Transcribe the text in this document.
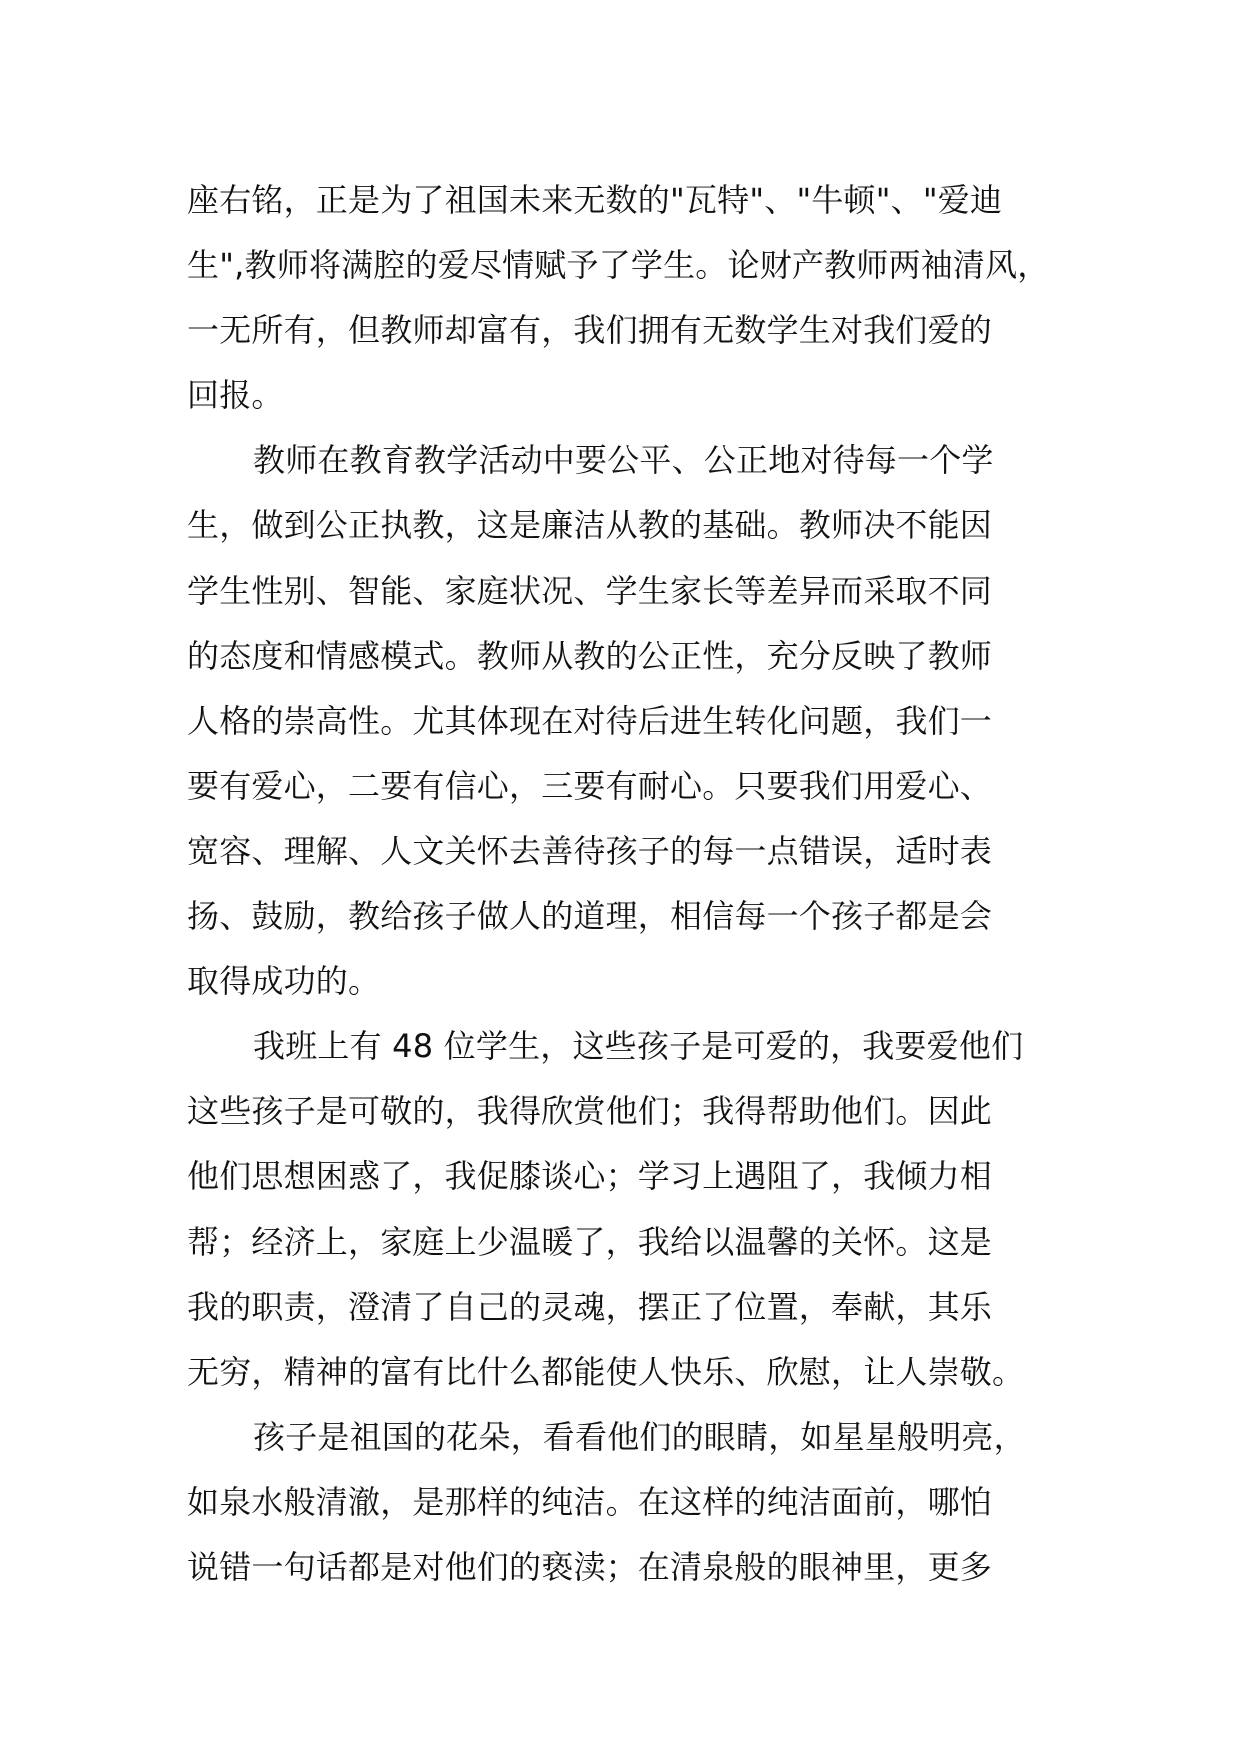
座右铭，正是为了祖国未来无数的"瓦特"、"牛顿"、"爱迪
生",教师将满腔的爱尽情赋予了学生。论财产教师两袖清风，
一无所有，但教师却富有，我们拥有无数学生对我们爱的
回报。
教师在教育教学活动中要公平、公正地对待每一个学
生，做到公正执教，这是廉洁从教的基础。教师决不能因
学生性别、智能、家庭状况、学生家长等差异而采取不同
的态度和情感模式。教师从教的公正性，充分反映了教师
人格的崇高性。尤其体现在对待后进生转化问题，我们一
要有爱心，二要有信心，三要有耐心。只要我们用爱心、
宽容、理解、人文关怀去善待孩子的每一点错误，适时表
扬、鼓励，教给孩子做人的道理，相信每一个孩子都是会
取得成功的。
我班上有 48 位学生，这些孩子是可爱的，我要爱他们
这些孩子是可敬的，我得欣赏他们；我得帮助他们。因此
他们思想困惑了，我促膝谈心；学习上遇阻了，我倾力相
帮；经济上，家庭上少温暖了，我给以温馨的关怀。这是
我的职责，澄清了自己的灵魂，摆正了位置，奉献，其乐
无穷，精神的富有比什么都能使人快乐、欣慰，让人崇敬。
孩子是祖国的花朵，看看他们的眼睛，如星星般明亮，
如泉水般清澈，是那样的纯洁。在这样的纯洁面前，哪怕
说错一句话都是对他们的亵渎；在清泉般的眼神里，更多
